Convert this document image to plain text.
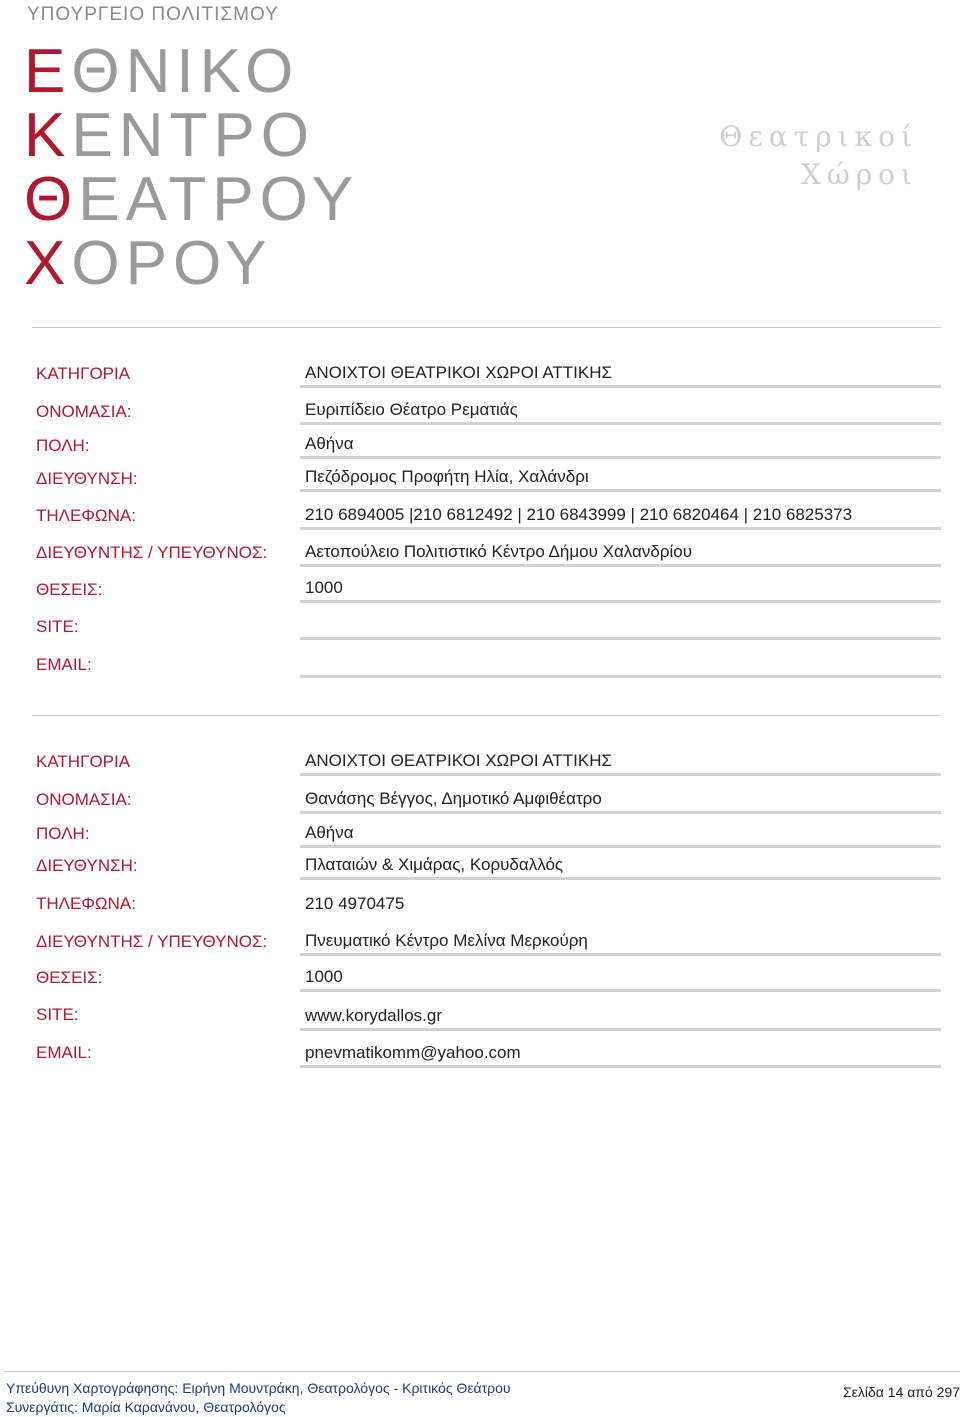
ΥΠΟΥΡΓΕΙΟ ΠΟΛΙΤΙΣΜΟΥ
ΕΘΝΙΚΟ
ΚΕΝΤΡΟ
ΘΕΑΤΡΟΥ
ΧΟΡΟΥ
Θεατρικοί
Χώροι
ΚΑΤΗΓΟΡΙΑ	ΑΝΟΙΧΤΟΙ ΘΕΑΤΡΙΚΟΙ ΧΩΡΟΙ ΑΤΤΙΚΗΣ
ΟΝΟΜΑΣΙΑ:	Ευριπίδειο Θέατρο Ρεματιάς
ΠΟΛΗ:	Αθήνα
ΔΙΕΥΘΥΝΣΗ:	Πεζόδρομος Προφήτη Ηλία, Χαλάνδρι
ΤΗΛΕΦΩΝΑ:	210 6894005 |210 6812492 | 210 6843999 | 210 6820464 | 210 6825373
ΔΙΕΥΘΥΝΤΗΣ / ΥΠΕΥΘΥΝΟΣ: Αετοπούλειο Πολιτιστικό Κέντρο Δήμου Χαλανδρίου
ΘΕΣΕΙΣ:	1000
SITE:
EMAIL:
ΚΑΤΗΓΟΡΙΑ	ΑΝΟΙΧΤΟΙ ΘΕΑΤΡΙΚΟΙ ΧΩΡΟΙ ΑΤΤΙΚΗΣ
ΟΝΟΜΑΣΙΑ:	Θανάσης Βέγγος, Δημοτικό Αμφιθέατρο
ΠΟΛΗ:	Αθήνα
ΔΙΕΥΘΥΝΣΗ:	Πλαταιών & Χιμάρας, Κορυδαλλός
ΤΗΛΕΦΩΝΑ:	210 4970475
ΔΙΕΥΘΥΝΤΗΣ / ΥΠΕΥΘΥΝΟΣ: Πνευματικό Κέντρο Μελίνα Μερκούρη
ΘΕΣΕΙΣ:	1000
SITE:	www.korydallos.gr
EMAIL:	pnevmatikomm@yahoo.com
Υπεύθυνη Χαρτογράφησης: Ειρήνη Μουντράκη, Θεατρολόγος - Κριτικός Θεάτρου
Συνεργάτις: Μαρία Καρανάνου, Θεατρολόγος
Σελίδα 14 από 297
